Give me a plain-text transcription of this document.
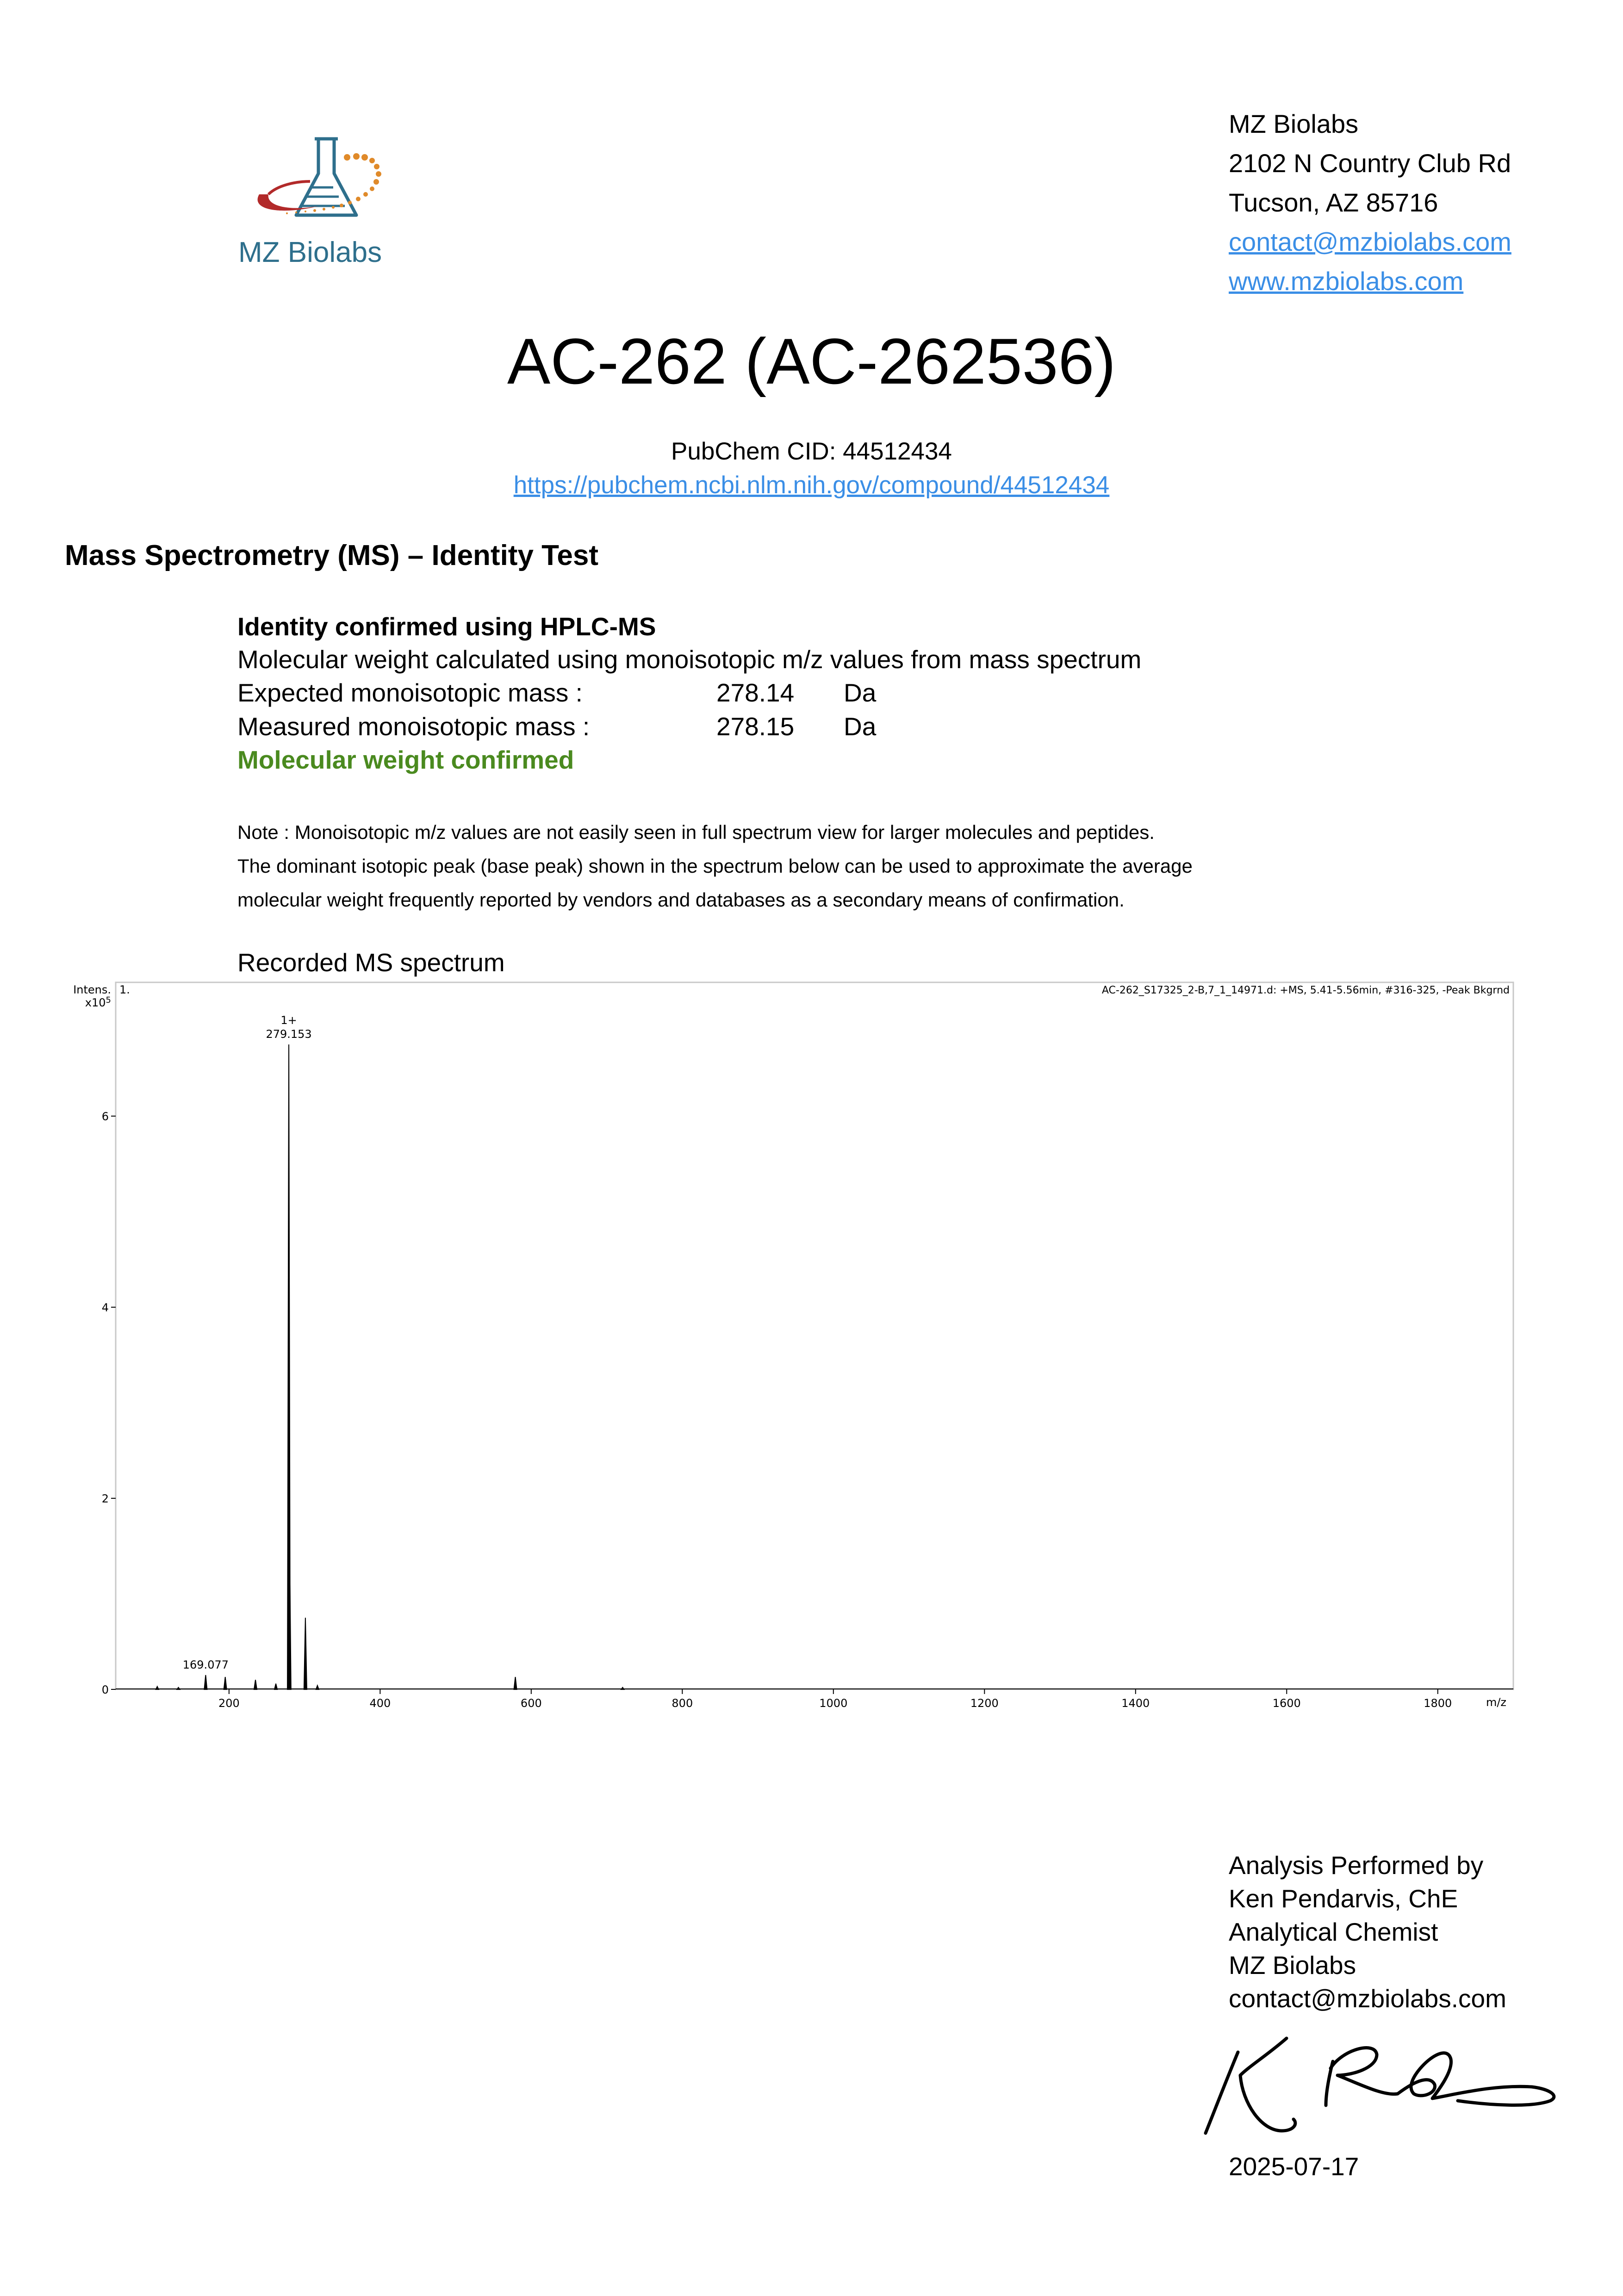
MZ Biolabs
MZ Biolabs
2102 N Country Club Rd
Tucson, AZ 85716
contact@mzbiolabs.com
www.mzbiolabs.com
AC-262 (AC-262536)
PubChem CID: 44512434
https://pubchem.ncbi.nlm.nih.gov/compound/44512434
Mass Spectrometry (MS) – Identity Test
Identity confirmed using HPLC-MS
Molecular weight calculated using monoisotopic m/z values from mass spectrum
Expected monoisotopic mass :	278.14 Da
Measured monoisotopic mass :	278.15 Da
Molecular weight confirmed

Note : Monoisotopic m/z values are not easily seen in full spectrum view for larger molecules and peptides.

The dominant isotopic peak (base peak) shown in the spectrum below can be used to approximate the average

molecular weight frequently reported by vendors and databases as a secondary means of confirmation.

Recorded MS spectrum
Intens.
$x10^5$
1.	AC-262_S17325_2-B,7_1_14971.d: +MS, 5.41-5.56min, #316-325, -Peak Bkgrnd
m/z
200	400	600	800	1000	1200	1400	1600	1800
0
2
4
6
169.077
1+
279.153
Analysis Performed by
Ken Pendarvis, ChE
Analytical Chemist
MZ Biolabs
contact@mzbiolabs.com
2025-07-17
